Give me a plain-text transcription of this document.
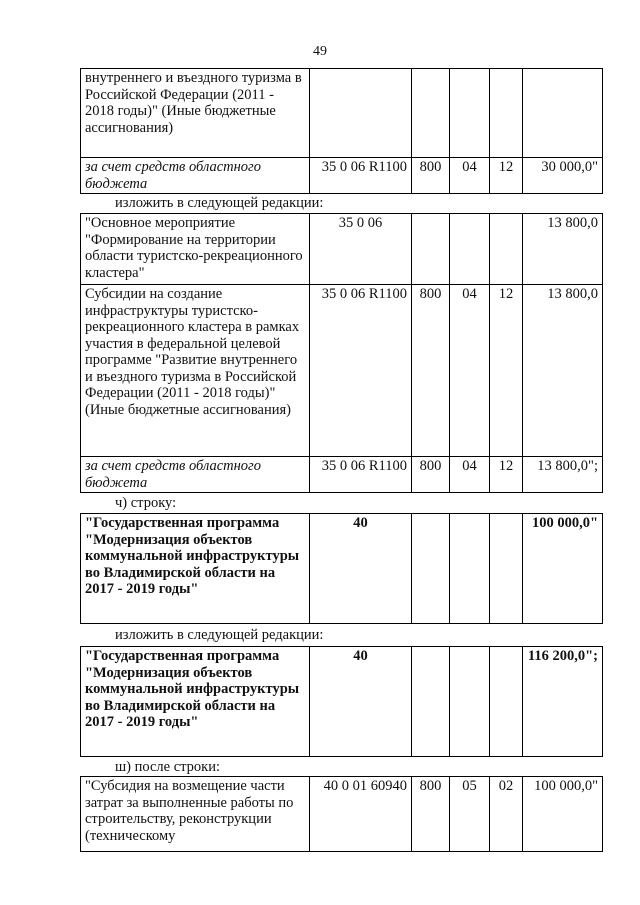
49
внутреннего и въездного туризма в Российской Федерации (2011 - 2018 годы)" (Иные бюджетные ассигнования)					
за счет средств областного бюджета	35 0 06 R1100	800	04	12	30 000,0"
изложить в следующей редакции:
"Основное мероприятие "Формирование на территории области туристско-рекреационного кластера"	35 0 06				13 800,0
Субсидии на создание инфраструктуры туристско-рекреационного кластера в рамках участия в федеральной целевой программе "Развитие внутреннего и въездного туризма в Российской Федерации (2011 - 2018 годы)" (Иные бюджетные ассигнования)	35 0 06 R1100	800	04	12	13 800,0
за счет средств областного бюджета	35 0 06 R1100	800	04	12	13 800,0";
ч) строку:
"Государственная программа "Модернизация объектов коммунальной инфраструктуры во Владимирской области на 2017 - 2019 годы"	40				100 000,0"
изложить в следующей редакции:
"Государственная программа "Модернизация объектов коммунальной инфраструктуры во Владимирской области на 2017 - 2019 годы"	40				116 200,0";
ш) после строки:
"Субсидия на возмещение части затрат за выполненные работы по строительству, реконструкции (техническому	40 0 01 60940	800	05	02	100 000,0"
